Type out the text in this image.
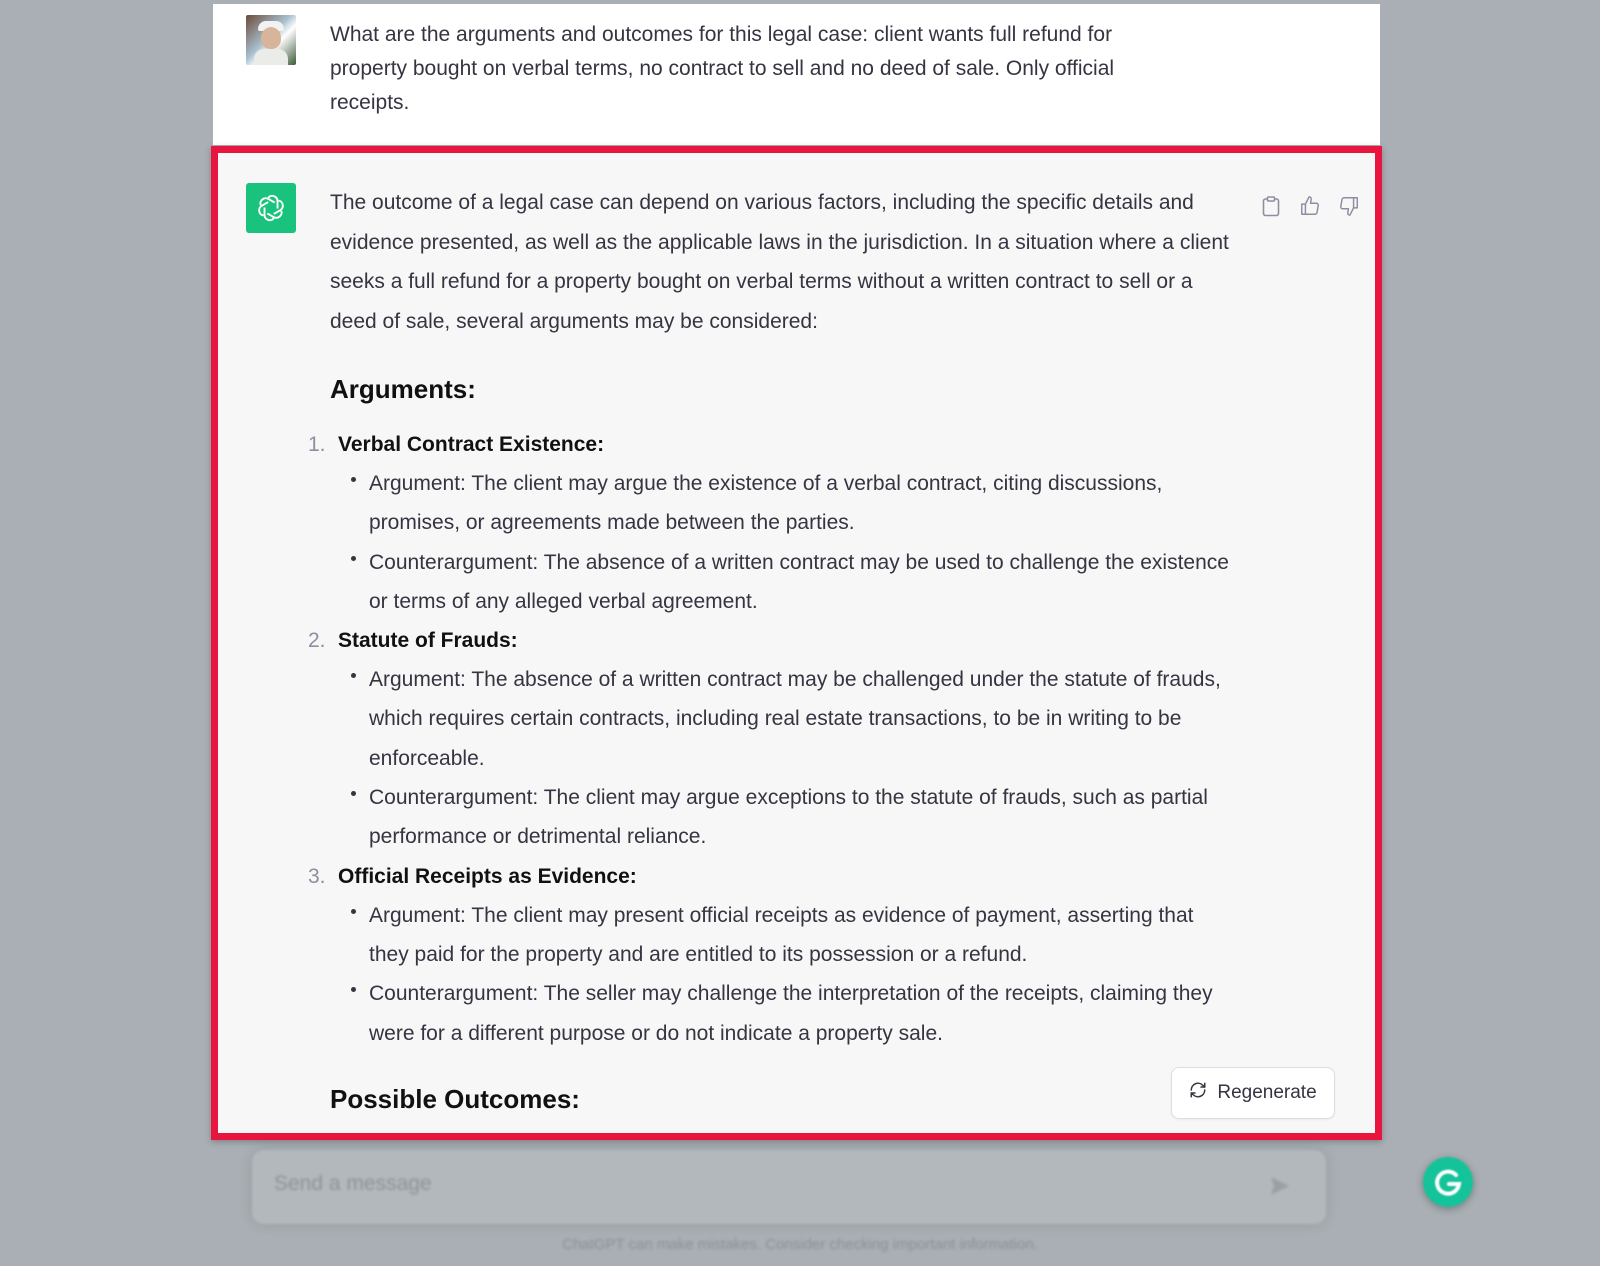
What are the arguments and outcomes for this legal case: client wants full refund for property bought on verbal terms, no contract to sell and no deed of sale. Only official receipts.

The outcome of a legal case can depend on various factors, including the specific details and evidence presented, as well as the applicable laws in the jurisdiction. In a situation where a client seeks a full refund for a property bought on verbal terms without a written contract to sell or a deed of sale, several arguments may be considered:

Arguments:
1. Verbal Contract Existence:
Argument: The client may argue the existence of a verbal contract, citing discussions, promises, or agreements made between the parties.
Counterargument: The absence of a written contract may be used to challenge the existence or terms of any alleged verbal agreement.
2. Statute of Frauds:
Argument: The absence of a written contract may be challenged under the statute of frauds, which requires certain contracts, including real estate transactions, to be in writing to be enforceable.
Counterargument: The client may argue exceptions to the statute of frauds, such as partial performance or detrimental reliance.
3. Official Receipts as Evidence:
Argument: The client may present official receipts as evidence of payment, asserting that they paid for the property and are entitled to its possession or a refund.
Counterargument: The seller may challenge the interpretation of the receipts, claiming they were for a different purpose or do not indicate a property sale.
Possible Outcomes:	Regenerate
Send a message
ChatGPT can make mistakes. Consider checking important information.
